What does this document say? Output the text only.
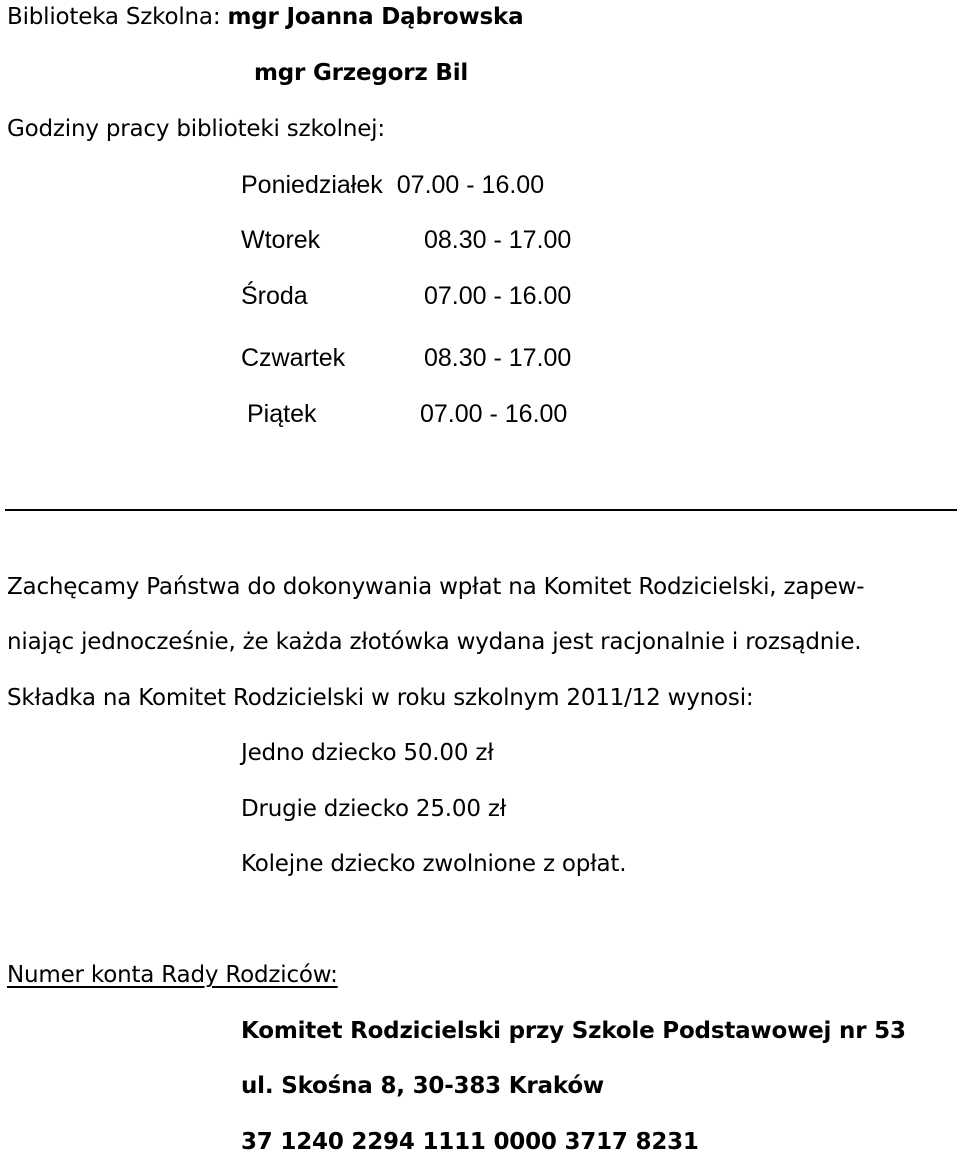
Biblioteka Szkolna: mgr Joanna Dąbrowska
mgr Grzegorz Bil
Godziny pracy biblioteki szkolnej:
Poniedziałek 07.00 - 16.00
Wtorek	08.30 - 17.00
Środa	07.00 - 16.00
Czwartek	08.30 - 17.00
Piątek	07.00 - 16.00
Zachęcamy Państwa do dokonywania wpłat na Komitet Rodzicielski, zapew-
niając jednocześnie, że każda złotówka wydana jest racjonalnie i rozsądnie.
Składka na Komitet Rodzicielski w roku szkolnym 2011/12 wynosi:
Jedno dziecko 50.00 zł
Drugie dziecko 25.00 zł
Kolejne dziecko zwolnione z opłat.
Numer konta Rady Rodziców:
Komitet Rodzicielski przy Szkole Podstawowej nr 53
ul. Skośna 8, 30-383 Kraków
37 1240 2294 1111 0000 3717 8231
